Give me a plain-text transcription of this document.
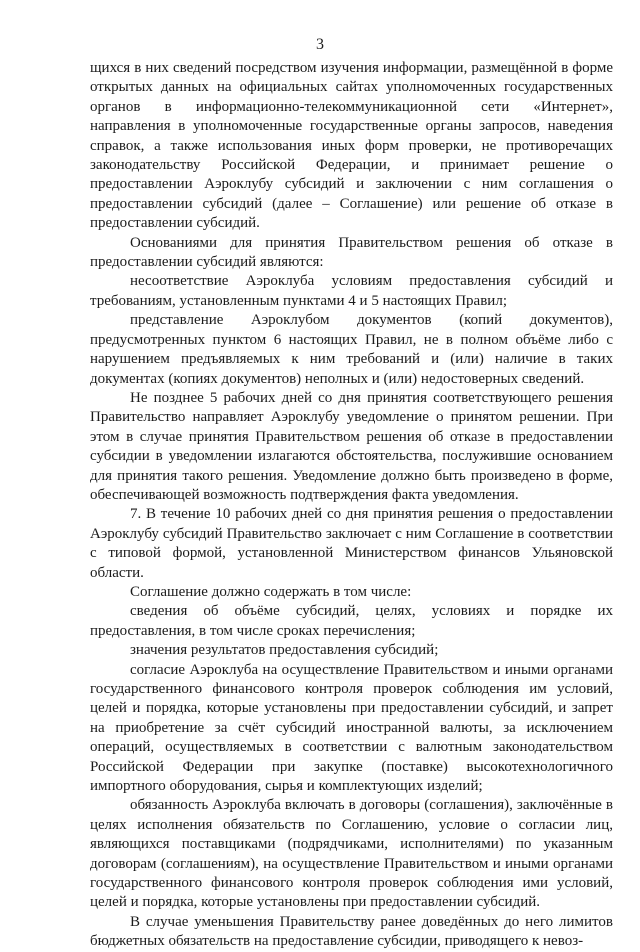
3

щихся в них сведений посредством изучения информации, размещённой в форме открытых данных на официальных сайтах уполномоченных государственных органов в информационно-телекоммуникационной сети «Интернет», направления в уполномоченные государственные органы запросов, наведения справок, а также использования иных форм проверки, не противоречащих законодательству Российской Федерации, и принимает решение о предоставлении Аэроклубу субсидий и заключении с ним соглашения о предоставлении субсидий (далее – Соглашение) или решение об отказе в предоставлении субсидий.

Основаниями для принятия Правительством решения об отказе в предоставлении субсидий являются:

несоответствие Аэроклуба условиям предоставления субсидий и требованиям, установленным пунктами 4 и 5 настоящих Правил;

представление Аэроклубом документов (копий документов), предусмотренных пунктом 6 настоящих Правил, не в полном объёме либо с нарушением предъявляемых к ним требований и (или) наличие в таких документах (копиях документов) неполных и (или) недостоверных сведений.

Не позднее 5 рабочих дней со дня принятия соответствующего решения Правительство направляет Аэроклубу уведомление о принятом решении. При этом в случае принятия Правительством решения об отказе в предоставлении субсидии в уведомлении излагаются обстоятельства, послужившие основанием для принятия такого решения. Уведомление должно быть произведено в форме, обеспечивающей возможность подтверждения факта уведомления.

7. В течение 10 рабочих дней со дня принятия решения о предоставлении Аэроклубу субсидий Правительство заключает с ним Соглашение в соответствии с типовой формой, установленной Министерством финансов Ульяновской области.

Соглашение должно содержать в том числе:

сведения об объёме субсидий, целях, условиях и порядке их предоставления, в том числе сроках перечисления;

значения результатов предоставления субсидий;

согласие Аэроклуба на осуществление Правительством и иными органами государственного финансового контроля проверок соблюдения им условий, целей и порядка, которые установлены при предоставлении субсидий, и запрет на приобретение за счёт субсидий иностранной валюты, за исключением операций, осуществляемых в соответствии с валютным законодательством Российской Федерации при закупке (поставке) высокотехнологичного импортного оборудования, сырья и комплектующих изделий;

обязанность Аэроклуба включать в договоры (соглашения), заключённые в целях исполнения обязательств по Соглашению, условие о согласии лиц, являющихся поставщиками (подрядчиками, исполнителями) по указанным договорам (соглашениям), на осуществление Правительством и иными органами государственного финансового контроля проверок соблюдения ими условий, целей и порядка, которые установлены при предоставлении субсидий.

В случае уменьшения Правительству ранее доведённых до него лимитов бюджетных обязательств на предоставление субсидии, приводящего к невоз-
